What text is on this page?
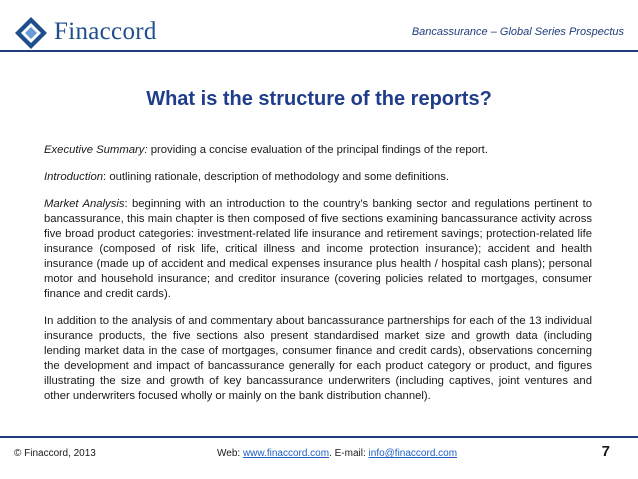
Finaccord	Bancassurance – Global Series Prospectus
What is the structure of the reports?

Executive Summary: providing a concise evaluation of the principal findings of the report.

Introduction: outlining rationale, description of methodology and some definitions.

Market Analysis: beginning with an introduction to the country’s banking sector and regulations pertinent to bancassurance, this main chapter is then composed of five sections examining bancassurance activity across five broad product categories: investment-related life insurance and retirement savings; protection-related life insurance (composed of risk life, critical illness and income protection insurance); accident and health insurance (made up of accident and medical expenses insurance plus health / hospital cash plans); personal motor and household insurance; and creditor insurance (covering policies related to mortgages, consumer finance and credit cards).

In addition to the analysis of and commentary about bancassurance partnerships for each of the 13 individual insurance products, the five sections also present standardised market size and growth data (including lending market data in the case of mortgages, consumer finance and credit cards), observations concerning the development and impact of bancassurance generally for each product category or product, and figures illustrating the size and growth of key bancassurance underwriters (including captives, joint ventures and other underwriters focused wholly or mainly on the bank distribution channel).

© Finaccord, 2013	Web: www.finaccord.com. E-mail: info@finaccord.com	7
